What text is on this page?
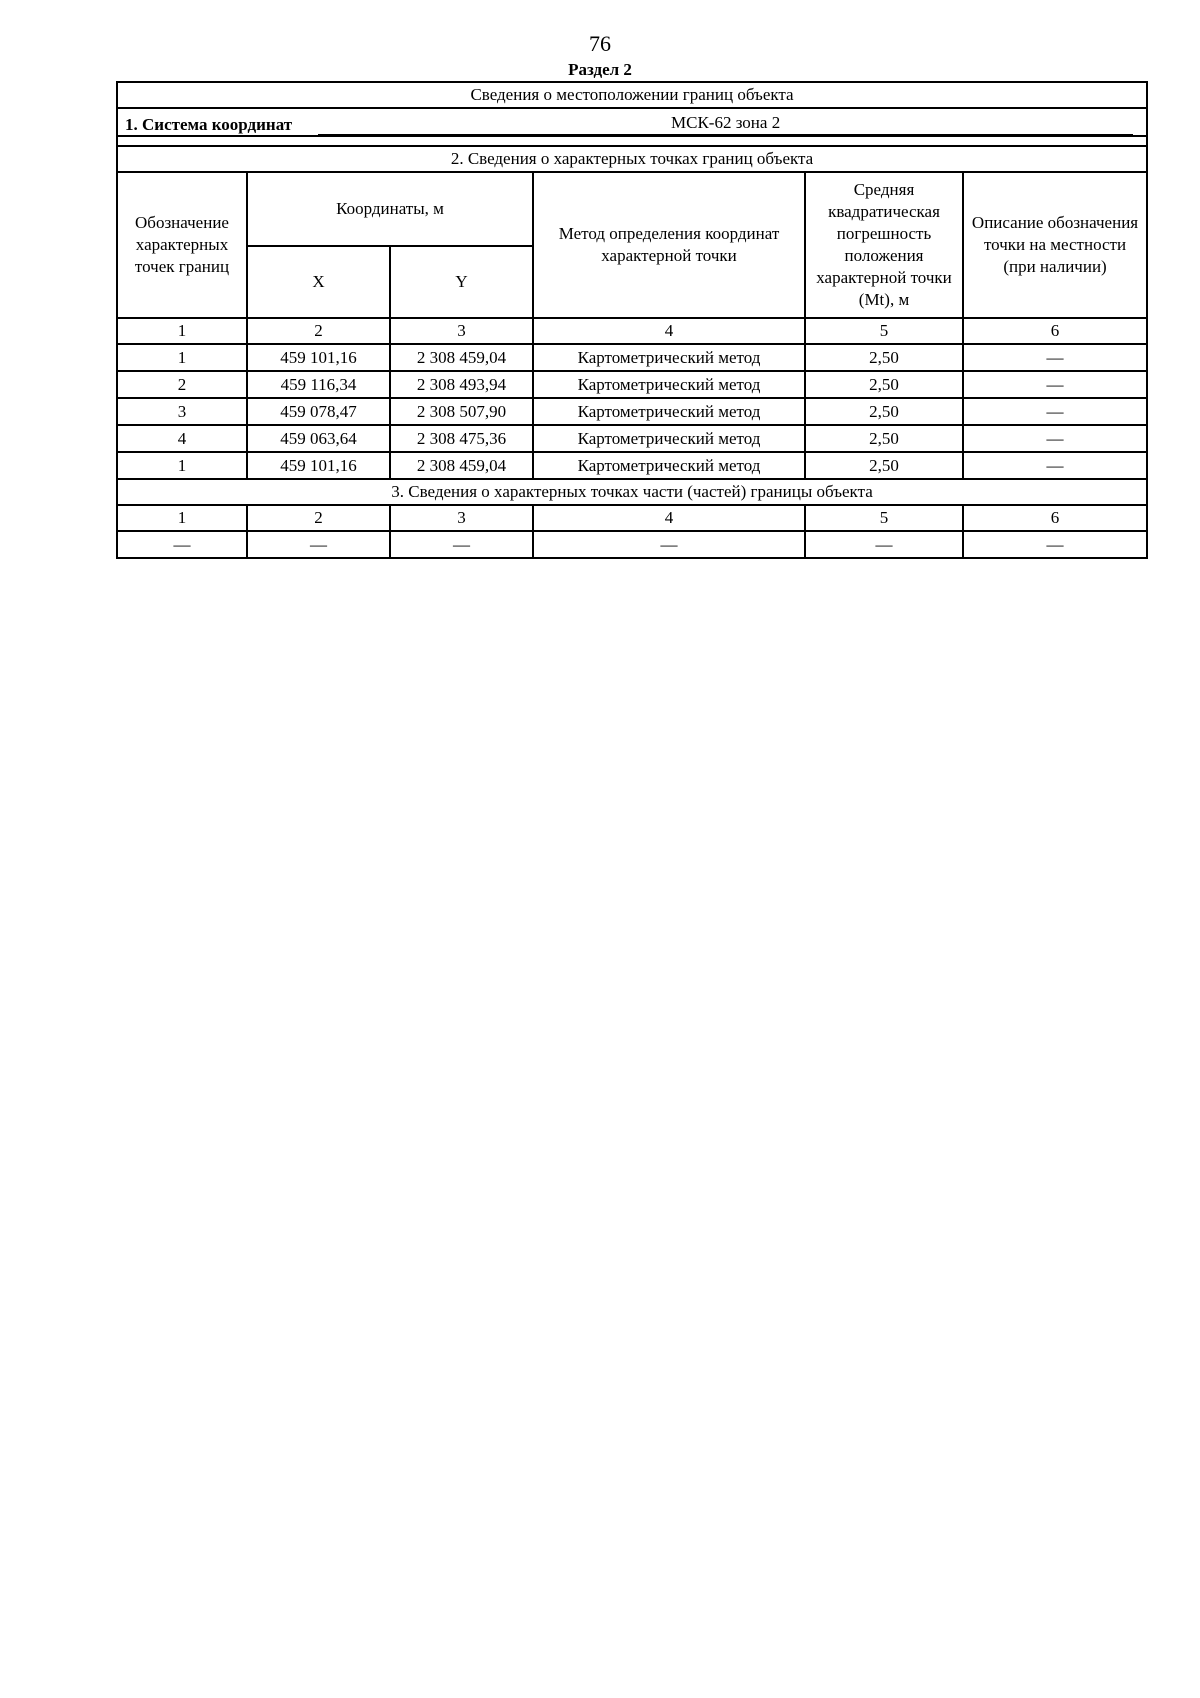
76
Раздел 2
Сведения о местоположении границ объекта					

1. Система координат МСК-62 зона 2					

2. Сведения о характерных точках границ объекта					
Обозначение характерных точек границ	Координаты, м		Метод определения координат характерной точки	Средняя квадратическая погрешность положения характерной точки (Mt), м	Описание обозначения точки на местности (при наличии)
	X	Y			
1	2	3	4	5	6
1	459 101,16	2 308 459,04	Картометрический метод	2,50	—
2	459 116,34	2 308 493,94	Картометрический метод	2,50	—
3	459 078,47	2 308 507,90	Картометрический метод	2,50	—
4	459 063,64	2 308 475,36	Картометрический метод	2,50	—
1	459 101,16	2 308 459,04	Картометрический метод	2,50	—
3. Сведения о характерных точках части (частей) границы объекта					
1	2	3	4	5	6
—	—	—	—	—	—
